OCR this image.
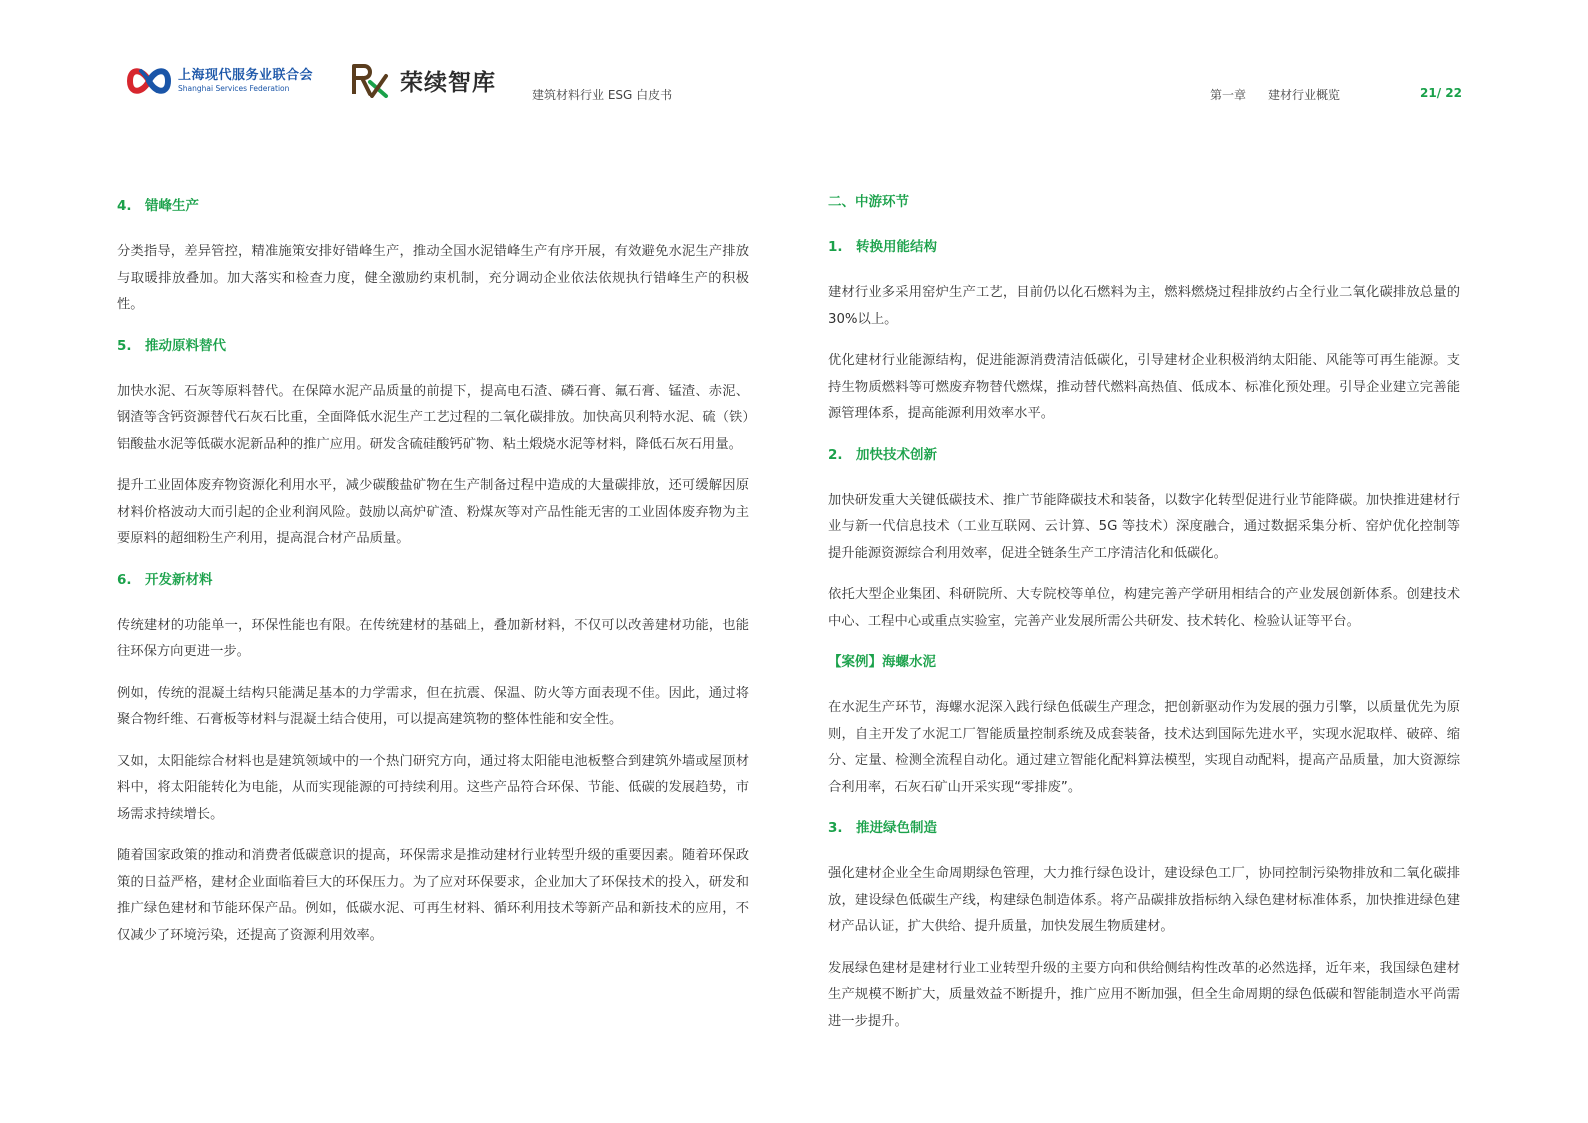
上海现代服务业联合会
Shanghai Services Federation	荣续智库	建筑材料行业 ESG 白皮书	第一章 建材行业概览	21/ 22
4.　错峰生产

分类指导，差异管控，精准施策安排好错峰生产，推动全国水泥错峰生产有序开展，有效避免水泥生产排放与取暖排放叠加。加大落实和检查力度，健全激励约束机制，充分调动企业依法依规执行错峰生产的积极性。

5.　推动原料替代

加快水泥、石灰等原料替代。在保障水泥产品质量的前提下，提高电石渣、磷石膏、氟石膏、锰渣、赤泥、钢渣等含钙资源替代石灰石比重，全面降低水泥生产工艺过程的二氧化碳排放。加快高贝利特水泥、硫（铁）铝酸盐水泥等低碳水泥新品种的推广应用。研发含硫硅酸钙矿物、粘土煅烧水泥等材料，降低石灰石用量。

提升工业固体废弃物资源化利用水平，减少碳酸盐矿物在生产制备过程中造成的大量碳排放，还可缓解因原材料价格波动大而引起的企业利润风险。鼓励以高炉矿渣、粉煤灰等对产品性能无害的工业固体废弃物为主要原料的超细粉生产利用，提高混合材产品质量。

6.　开发新材料

传统建材的功能单一，环保性能也有限。在传统建材的基础上，叠加新材料，不仅可以改善建材功能，也能往环保方向更进一步。

例如，传统的混凝土结构只能满足基本的力学需求，但在抗震、保温、防火等方面表现不佳。因此，通过将聚合物纤维、石膏板等材料与混凝土结合使用，可以提高建筑物的整体性能和安全性。

又如，太阳能综合材料也是建筑领域中的一个热门研究方向，通过将太阳能电池板整合到建筑外墙或屋顶材料中，将太阳能转化为电能，从而实现能源的可持续利用。这些产品符合环保、节能、低碳的发展趋势，市场需求持续增长。

随着国家政策的推动和消费者低碳意识的提高，环保需求是推动建材行业转型升级的重要因素。随着环保政策的日益严格，建材企业面临着巨大的环保压力。为了应对环保要求，企业加大了环保技术的投入，研发和推广绿色建材和节能环保产品。例如，低碳水泥、可再生材料、循环利用技术等新产品和新技术的应用，不仅减少了环境污染，还提高了资源利用效率。

二、中游环节
1.　转换用能结构

建材行业多采用窑炉生产工艺，目前仍以化石燃料为主，燃料燃烧过程排放约占全行业二氧化碳排放总量的 30%以上。

优化建材行业能源结构，促进能源消费清洁低碳化，引导建材企业积极消纳太阳能、风能等可再生能源。支持生物质燃料等可燃废弃物替代燃煤，推动替代燃料高热值、低成本、标准化预处理。引导企业建立完善能源管理体系，提高能源利用效率水平。

2.　加快技术创新

加快研发重大关键低碳技术、推广节能降碳技术和装备，以数字化转型促进行业节能降碳。加快推进建材行业与新一代信息技术（工业互联网、云计算、5G 等技术）深度融合，通过数据采集分析、窑炉优化控制等提升能源资源综合利用效率，促进全链条生产工序清洁化和低碳化。

依托大型企业集团、科研院所、大专院校等单位，构建完善产学研用相结合的产业发展创新体系。创建技术中心、工程中心或重点实验室，完善产业发展所需公共研发、技术转化、检验认证等平台。

【案例】海螺水泥

在水泥生产环节，海螺水泥深入践行绿色低碳生产理念，把创新驱动作为发展的强力引擎，以质量优先为原则，自主开发了水泥工厂智能质量控制系统及成套装备，技术达到国际先进水平，实现水泥取样、破碎、缩分、定量、检测全流程自动化。通过建立智能化配料算法模型，实现自动配料，提高产品质量，加大资源综合利用率，石灰石矿山开采实现“零排废”。

3.　推进绿色制造

强化建材企业全生命周期绿色管理，大力推行绿色设计，建设绿色工厂，协同控制污染物排放和二氧化碳排放，建设绿色低碳生产线，构建绿色制造体系。将产品碳排放指标纳入绿色建材标准体系，加快推进绿色建材产品认证，扩大供给、提升质量，加快发展生物质建材。

发展绿色建材是建材行业工业转型升级的主要方向和供给侧结构性改革的必然选择，近年来，我国绿色建材生产规模不断扩大，质量效益不断提升，推广应用不断加强，但全生命周期的绿色低碳和智能制造水平尚需进一步提升。
